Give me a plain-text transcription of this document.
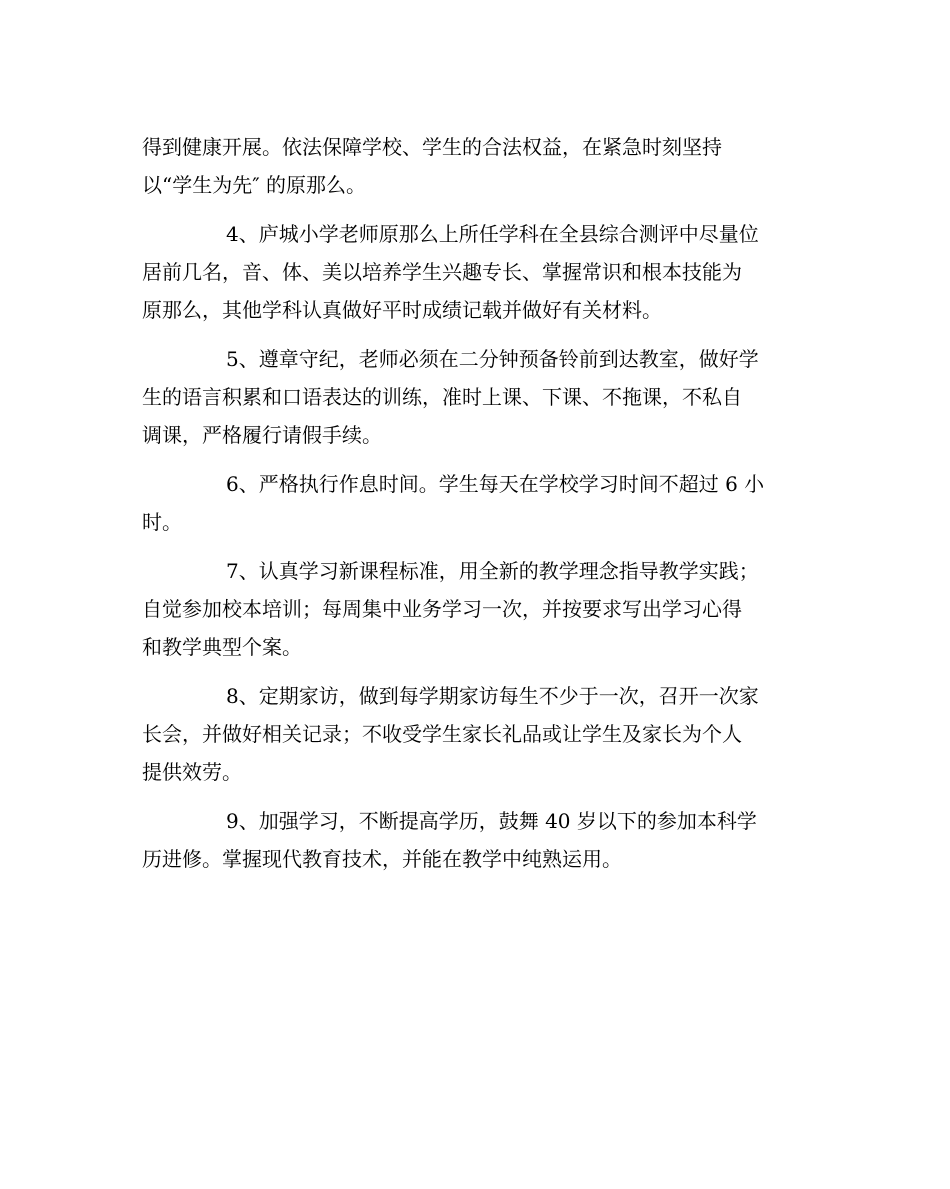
得到健康开展。依法保障学校、学生的合法权益，在紧急时刻坚持
以“学生为先″ 的原那么。
4、庐城小学老师原那么上所任学科在全县综合测评中尽量位
居前几名，音、体、美以培养学生兴趣专长、掌握常识和根本技能为
原那么，其他学科认真做好平时成绩记载并做好有关材料。
5、遵章守纪，老师必须在二分钟预备铃前到达教室，做好学
生的语言积累和口语表达的训练，准时上课、下课、不拖课，不私自
调课，严格履行请假手续。
6、严格执行作息时间。学生每天在学校学习时间不超过 6 小
时。
7、认真学习新课程标准，用全新的教学理念指导教学实践；
自觉参加校本培训；每周集中业务学习一次，并按要求写出学习心得
和教学典型个案。
8、定期家访，做到每学期家访每生不少于一次，召开一次家
长会，并做好相关记录；不收受学生家长礼品或让学生及家长为个人
提供效劳。
9、加强学习，不断提高学历，鼓舞 40 岁以下的参加本科学
历进修。掌握现代教育技术，并能在教学中纯熟运用。
